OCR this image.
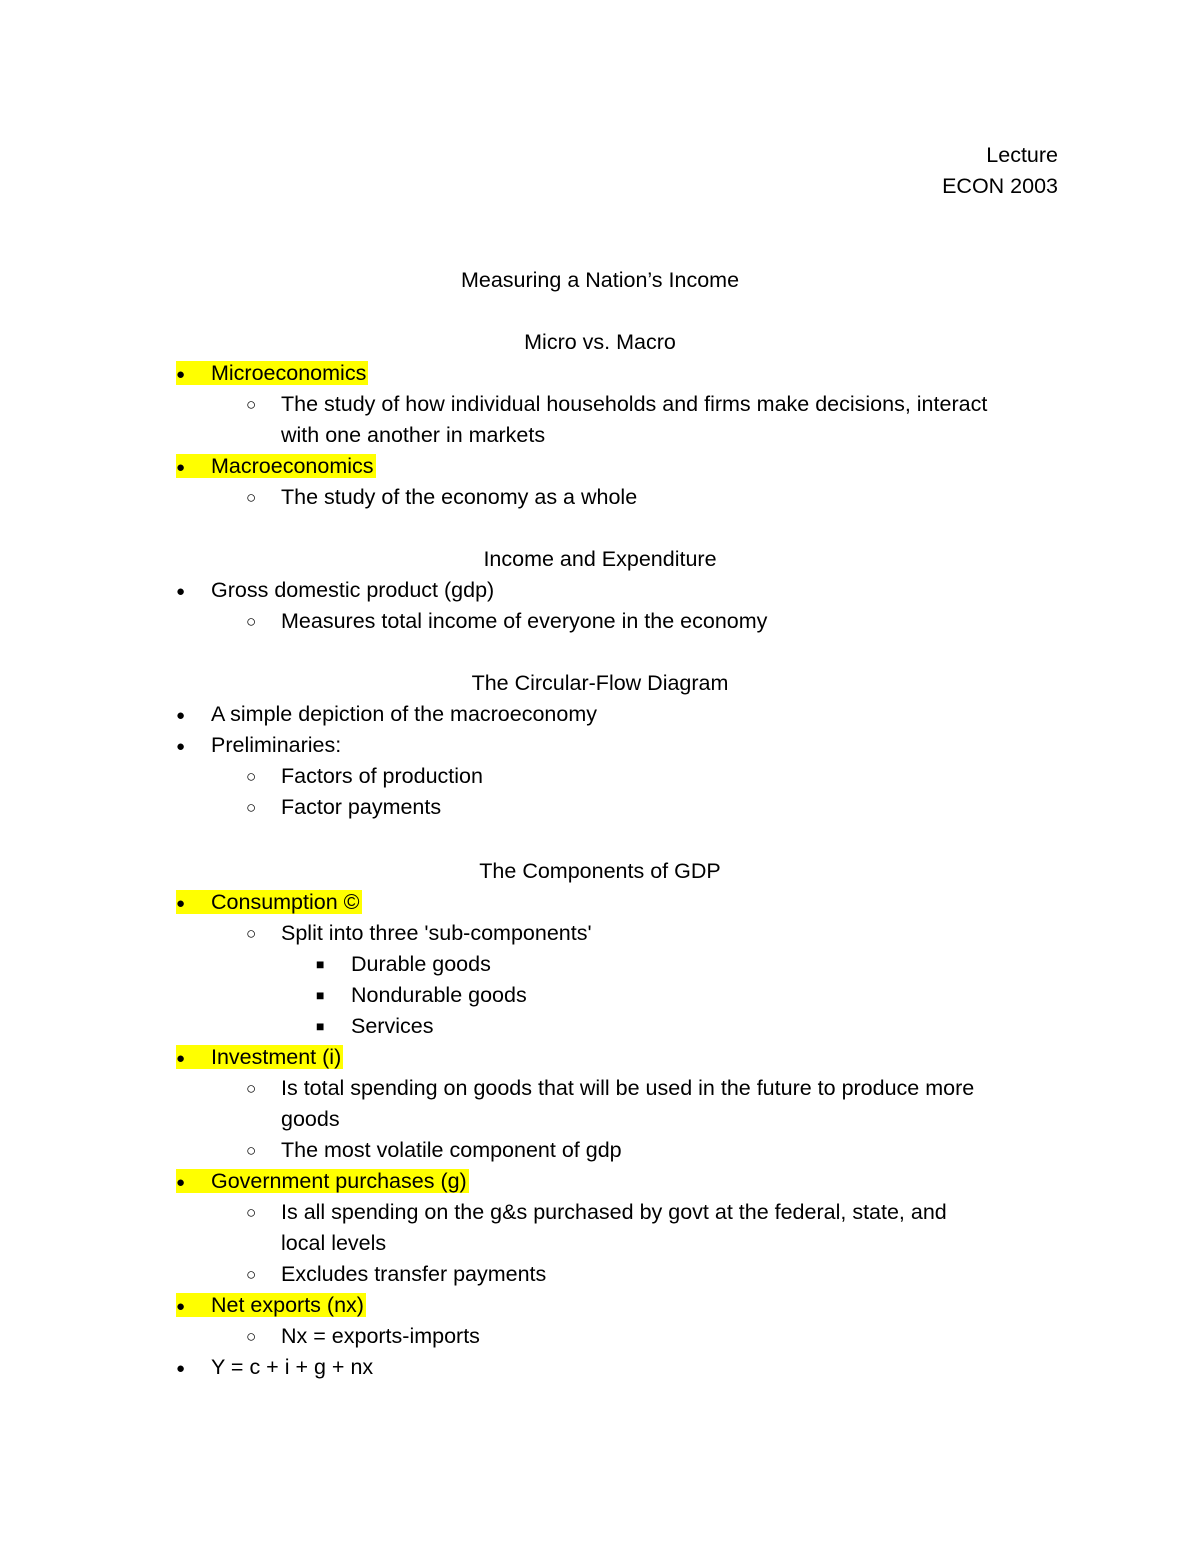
Lecture
ECON 2003
Measuring a Nation’s Income
Micro vs. Macro
● Microeconomics
○ The study of how individual households and firms make decisions, interact
with one another in markets
● Macroeconomics
○ The study of the economy as a whole
Income and Expenditure
● Gross domestic product (gdp)
○ Measures total income of everyone in the economy
The Circular-Flow Diagram
● A simple depiction of the macroeconomy
● Preliminaries:
○ Factors of production
○ Factor payments
The Components of GDP
● Consumption ©
○ Split into three 'sub-components'
■ Durable goods
■ Nondurable goods
■ Services
● Investment (i)
○ Is total spending on goods that will be used in the future to produce more
goods
○ The most volatile component of gdp
● Government purchases (g)
○ Is all spending on the g&s purchased by govt at the federal, state, and
local levels
○ Excludes transfer payments
● Net exports (nx)
○ Nx = exports-imports
● Y = c + i + g + nx
